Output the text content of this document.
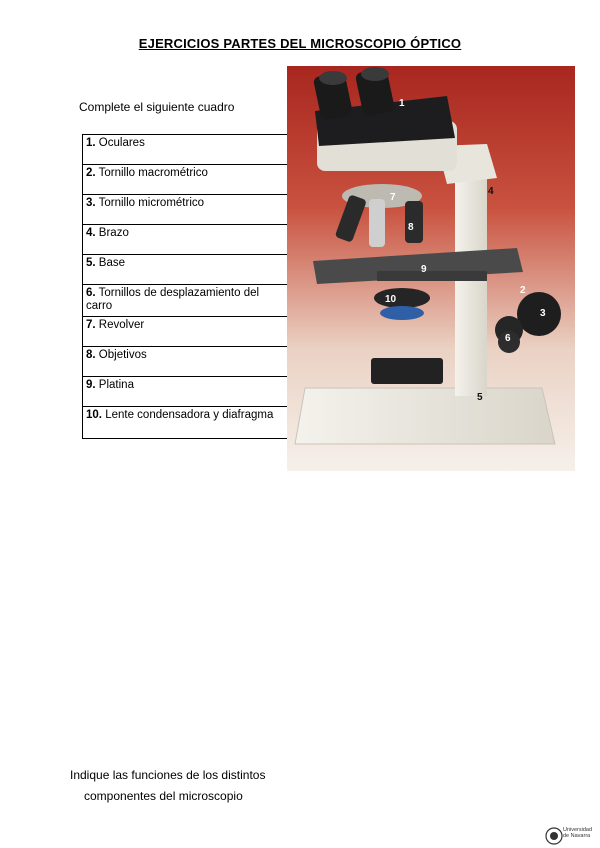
EJERCICIOS PARTES DEL MICROSCOPIO ÓPTICO
Complete el siguiente cuadro
1. Oculares
2. Tornillo macrométrico
3. Tornillo micrométrico
4. Brazo
5. Base
6. Tornillos de desplazamiento del carro
7. Revolver
8. Objetivos
9. Platina
10. Lente condensadora y diafragma
1
2
3
4
5
6
7
8
9
10
Indique las funciones de los distintos
componentes del microscopio
Universidad
de Navarra
